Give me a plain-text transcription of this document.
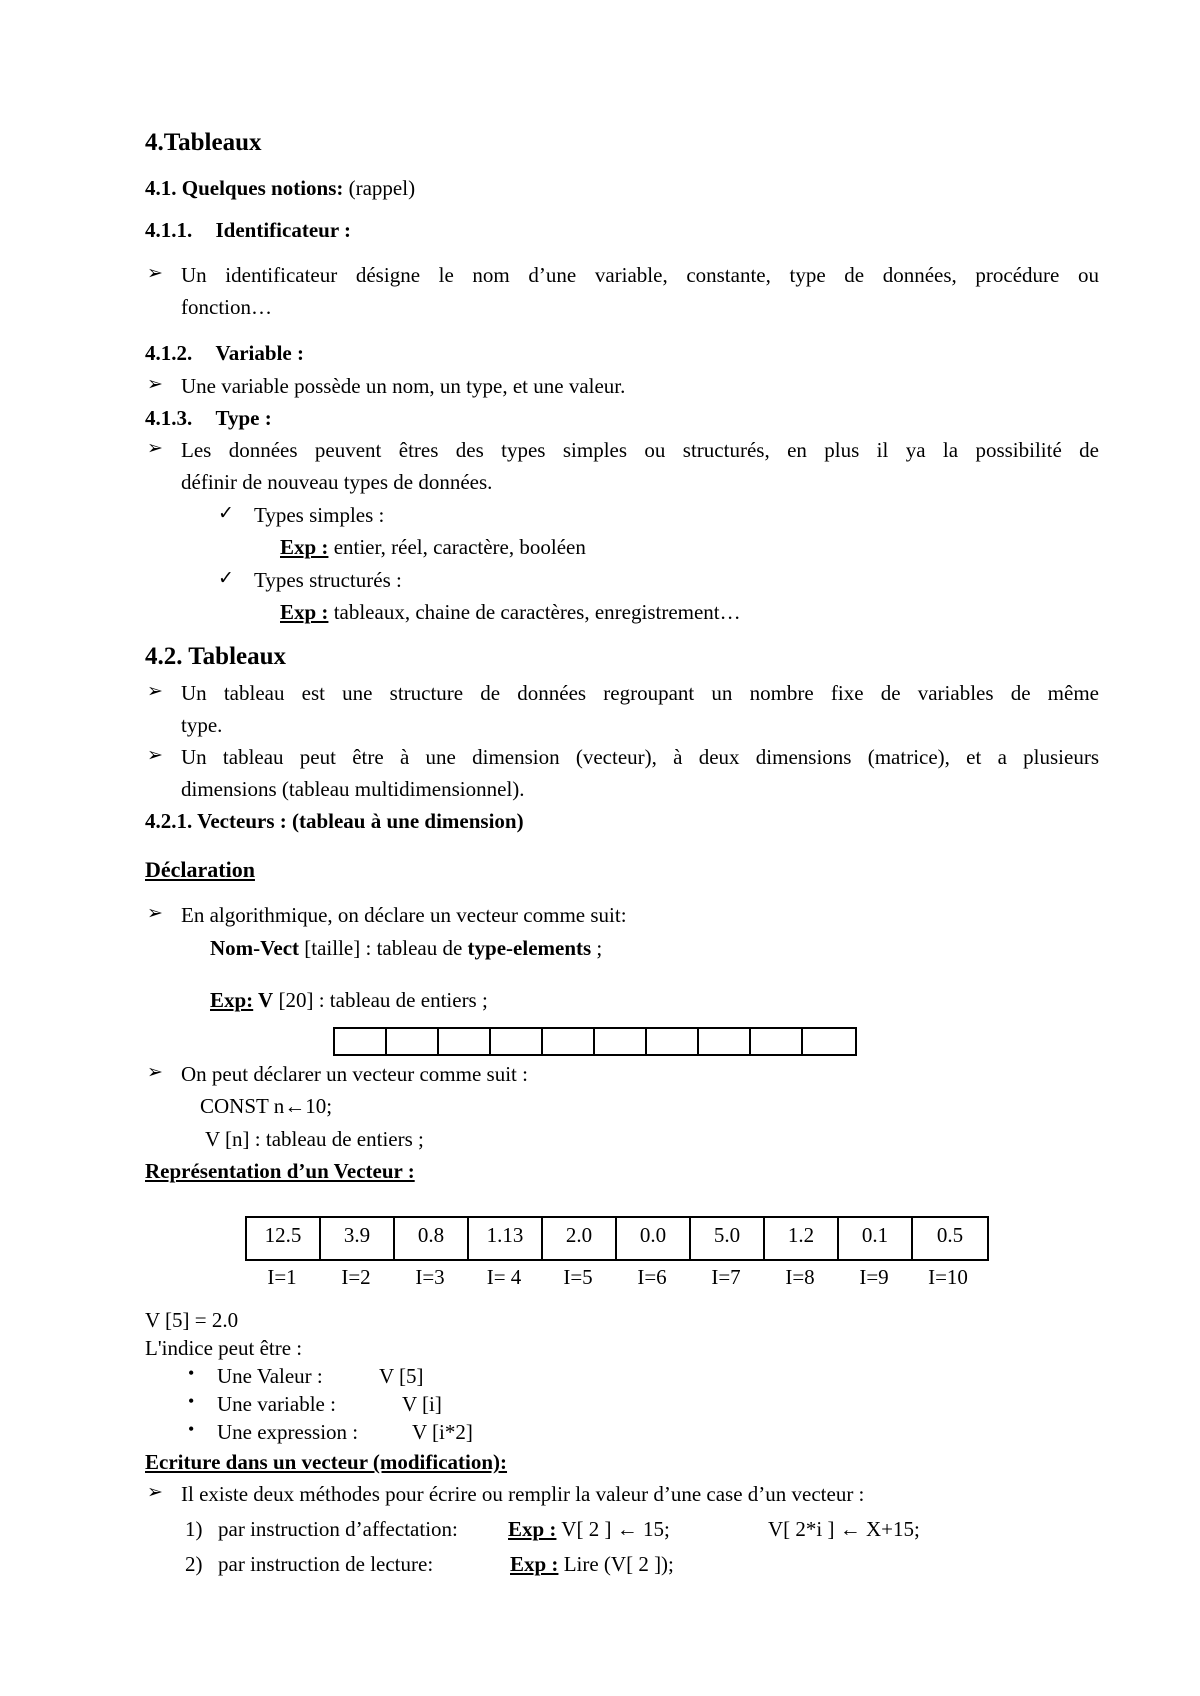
4.Tableaux
4.1. Quelques notions: (rappel)
4.1.1. Identificateur :
➢ Un identificateur désigne le nom d’une variable, constante, type de données, procédure ou
fonction…
4.1.2. Variable :
➢ Une variable possède un nom, un type, et une valeur.
4.1.3. Type :
➢ Les données peuvent êtres des types simples ou structurés, en plus il ya la possibilité de
définir de nouveau types de données.
✓ Types simples :
Exp : entier, réel, caractère, booléen
✓ Types structurés :
Exp : tableaux, chaine de caractères, enregistrement…
4.2. Tableaux
➢ Un tableau est une structure de données regroupant un nombre fixe de variables de même
type.
➢ Un tableau peut être à une dimension (vecteur), à deux dimensions (matrice), et a plusieurs
dimensions (tableau multidimensionnel).
4.2.1. Vecteurs : (tableau à une dimension)
Déclaration
➢ En algorithmique, on déclare un vecteur comme suit:
Nom-Vect [taille] : tableau de type-elements ;
Exp: V [20] : tableau de entiers ;
➢ On peut déclarer un vecteur comme suit :
CONST n←10;
V [n] : tableau de entiers ;
Représentation d’un Vecteur :
12.5	3.9	0.8	1.13	2.0	0.0	5.0	1.2	0.1	0.5
I=1	I=2	I=3	I= 4	I=5	I=6	I=7	I=8	I=9	I=10
V [5] = 2.0
L'indice peut être :
• Une Valeur :	V [5]
• Une variable :	V [i]
• Une expression :	V [i*2]
Ecriture dans un vecteur (modification):
➢ Il existe deux méthodes pour écrire ou remplir la valeur d’une case d’un vecteur :
1) par instruction d’affectation: Exp : V[ 2 ] ← 15;	V[ 2*i ] ← X+15;
2) par instruction de lecture:	Exp : Lire (V[ 2 ]);
